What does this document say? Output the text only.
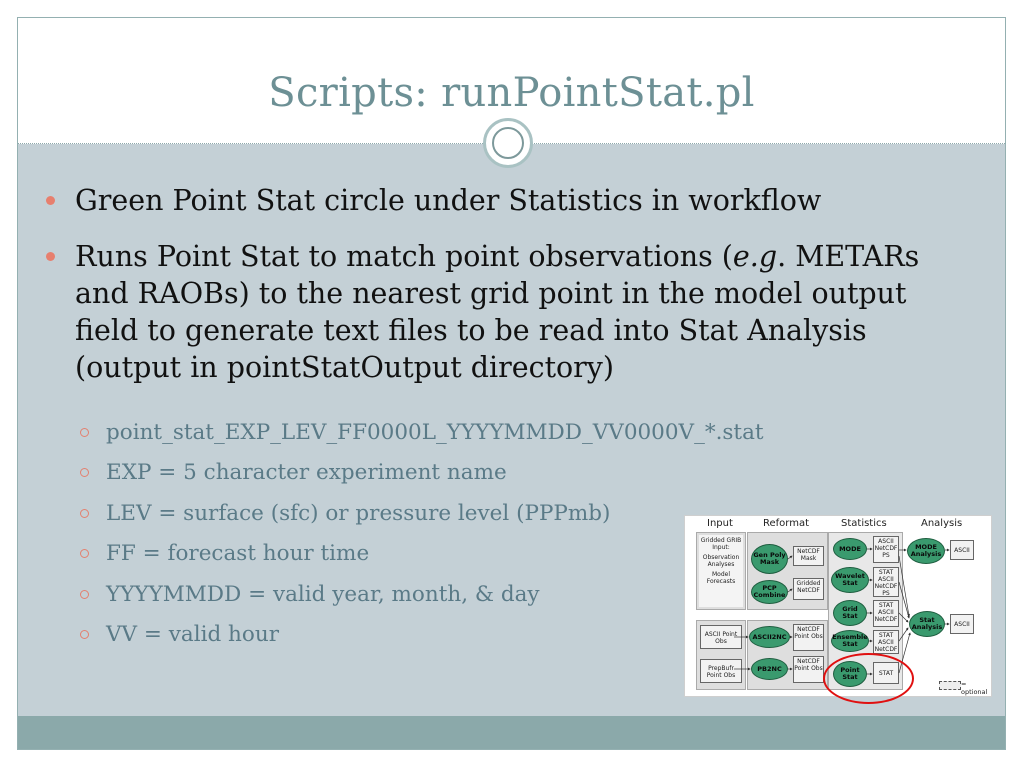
Scripts: runPointStat.pl
Green Point Stat circle under Statistics in workflow
Runs Point Stat to match point observations (e.g. METARs and RAOBs) to the nearest grid point in the model output field to generate text files to be read into Stat Analysis (output in pointStatOutput directory)
point_stat_EXP_LEV_FF0000L_YYYYMMDD_VV0000V_*.stat
EXP = 5 character experiment name
LEV = surface (sfc) or pressure level (PPPmb)
FF = forecast hour time
YYYYMMDD = valid year, month, & day
VV = valid hour
Input	Reformat	Statistics	Analysis
Gridded GRIB Input:
Observation Analyses
Model Forecasts
ASCII Point Obs
PrepBufr Point Obs
Gen Poly Mask
PCP Combine
ASCII2NC
PB2NC
NetCDF Mask
Gridded NetCDF
NetCDF Point Obs
NetCDF Point Obs
MODE
Wavelet Stat
Grid Stat
Ensemble Stat
Point Stat
ASCII NetCDF PS
STAT ASCII NetCDF PS
STAT ASCII NetCDF
STAT ASCII NetCDF
STAT
MODE Analysis
Stat Analysis
ASCII
ASCII
= optional
